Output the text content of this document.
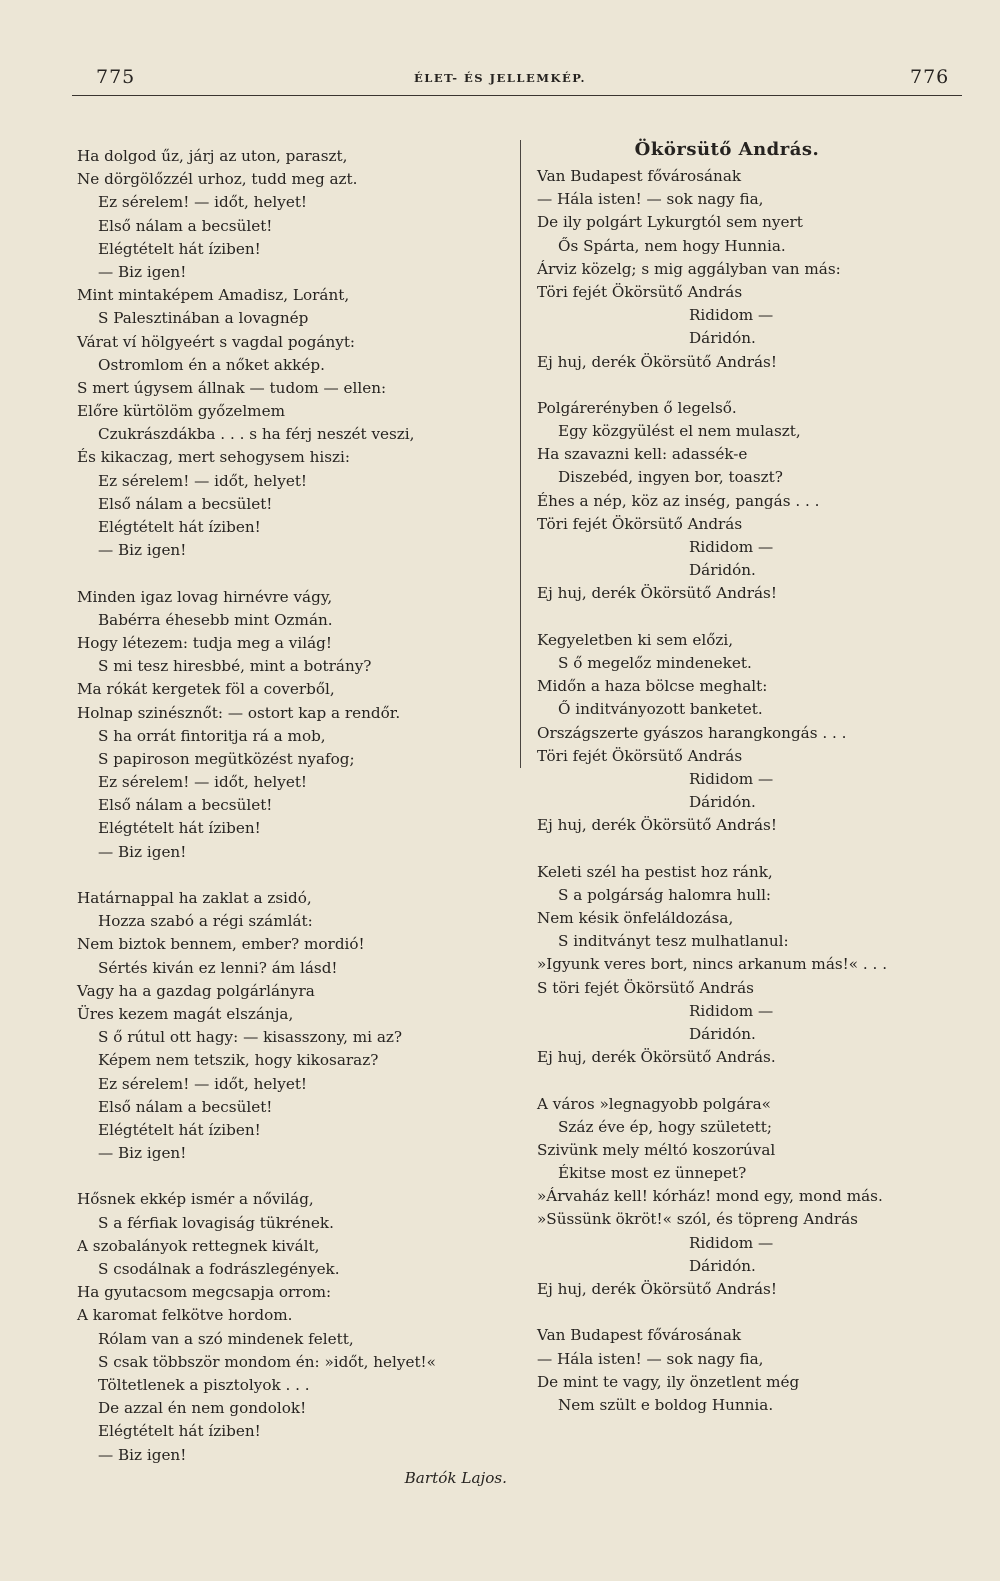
775	ÉLET- ÉS JELLEMKÉP.	776
Ha dolgod űz, járj az uton, paraszt,
Ne dörgölőzzél urhoz, tudd meg azt.
Ez sérelem! — időt, helyet!
Első nálam a becsület!
Elégtételt hát íziben!
— Biz igen!
Mint mintaképem Amadisz, Loránt,
S Palesztinában a lovagnép
Várat ví hölgyeért s vagdal pogányt:
Ostromlom én a nőket akkép.
S mert úgysem állnak — tudom — ellen:
Előre kürtölöm győzelmem
Czukrászdákba . . . s ha férj neszét veszi,
És kikaczag, mert sehogysem hiszi:
Ez sérelem! — időt, helyet!
Első nálam a becsület!
Elégtételt hát íziben!
— Biz igen!
Minden igaz lovag hirnévre vágy,
Babérra éhesebb mint Ozmán.
Hogy létezem: tudja meg a világ!
S mi tesz hiresbbé, mint a botrány?
Ma rókát kergetek föl a coverből,
Holnap szinésznőt: — ostort kap a rendőr.
S ha orrát fintoritja rá a mob,
S papiroson megütközést nyafog;
Ez sérelem! — időt, helyet!
Első nálam a becsület!
Elégtételt hát íziben!
— Biz igen!
Határnappal ha zaklat a zsidó,
Hozza szabó a régi számlát:
Nem biztok bennem, ember? mordió!
Sértés kiván ez lenni? ám lásd!
Vagy ha a gazdag polgárlányra
Üres kezem magát elszánja,
S ő rútul ott hagy: — kisasszony, mi az?
Képem nem tetszik, hogy kikosaraz?
Ez sérelem! — időt, helyet!
Első nálam a becsület!
Elégtételt hát íziben!
— Biz igen!
Hősnek ekkép ismér a nővilág,
S a férfiak lovagiság tükrének.
A szobalányok rettegnek kivált,
S csodálnak a fodrászlegények.
Ha gyutacsom megcsapja orrom:
A karomat felkötve hordom.
Rólam van a szó mindenek felett,
S csak többször mondom én: »időt, helyet!«
Töltetlenek a pisztolyok . . .
De azzal én nem gondolok!
Elégtételt hát íziben!
— Biz igen!
Bartók Lajos.
Ökörsütő András.
Van Budapest fővárosának
— Hála isten! — sok nagy fia,
De ily polgárt Lykurgtól sem nyert
Ős Spárta, nem hogy Hunnia.
Árviz közelg; s mig aggályban van más:
Töri fejét Ökörsütő András
Rididom —
Dáridón.
Ej huj, derék Ökörsütő András!
Polgárerényben ő legelső.
Egy közgyülést el nem mulaszt,
Ha szavazni kell: adassék-e
Diszebéd, ingyen bor, toaszt?
Éhes a nép, köz az inség, pangás . . .
Töri fejét Ökörsütő András
Rididom —
Dáridón.
Ej huj, derék Ökörsütő András!
Kegyeletben ki sem előzi,
S ő megelőz mindeneket.
Midőn a haza bölcse meghalt:
Ő inditványozott banketet.
Országszerte gyászos harangkongás . . .
Töri fejét Ökörsütő András
Rididom —
Dáridón.
Ej huj, derék Ökörsütő András!
Keleti szél ha pestist hoz ránk,
S a polgárság halomra hull:
Nem késik önfeláldozása,
S inditványt tesz mulhatlanul:
»Igyunk veres bort, nincs arkanum más!« . . .
S töri fejét Ökörsütő András
Rididom —
Dáridón.
Ej huj, derék Ökörsütő András.
A város »legnagyobb polgára«
Száz éve ép, hogy született;
Szivünk mely méltó koszorúval
Ékitse most ez ünnepet?
»Árvaház kell! kórház! mond egy, mond más.
»Süssünk ökröt!« szól, és töpreng András
Rididom —
Dáridón.
Ej huj, derék Ökörsütő András!
Van Budapest fővárosának
— Hála isten! — sok nagy fia,
De mint te vagy, ily önzetlent még
Nem szült e boldog Hunnia.
